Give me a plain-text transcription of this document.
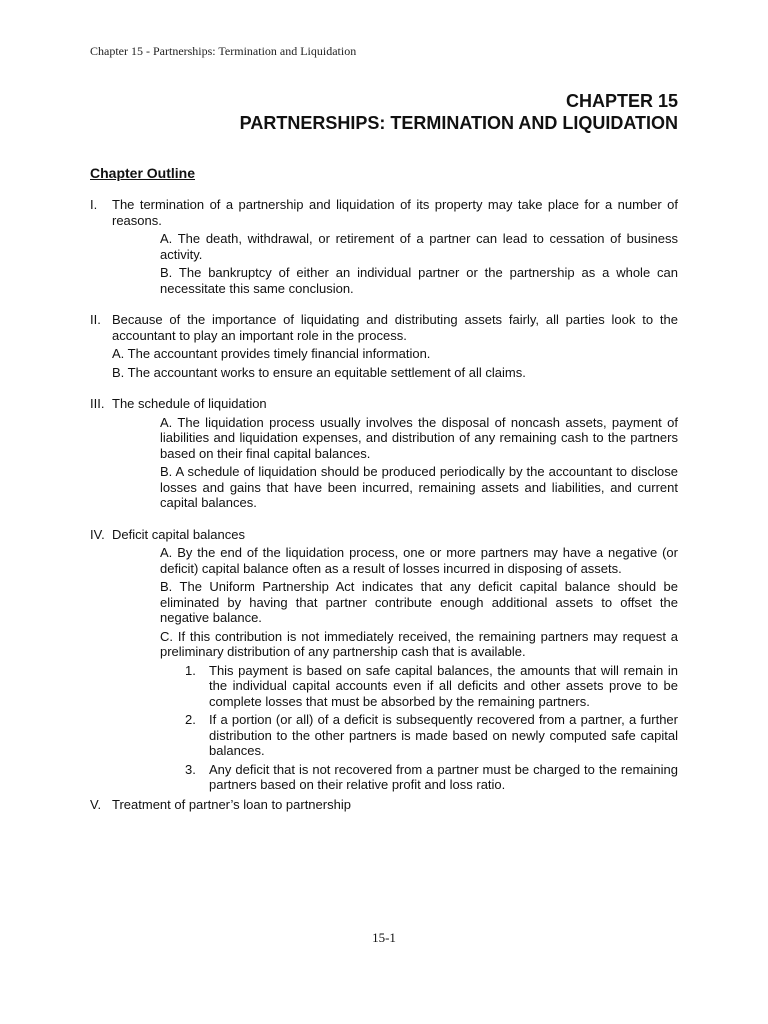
Chapter 15 - Partnerships: Termination and Liquidation
CHAPTER 15
PARTNERSHIPS: TERMINATION AND LIQUIDATION
Chapter Outline
I. The termination of a partnership and liquidation of its property may take place for a number of reasons.
A. The death, withdrawal, or retirement of a partner can lead to cessation of business activity.
B. The bankruptcy of either an individual partner or the partnership as a whole can necessitate this same conclusion.
II. Because of the importance of liquidating and distributing assets fairly, all parties look to the accountant to play an important role in the process.
A. The accountant provides timely financial information.
B. The accountant works to ensure an equitable settlement of all claims.
III. The schedule of liquidation
A. The liquidation process usually involves the disposal of noncash assets, payment of liabilities and liquidation expenses, and distribution of any remaining cash to the partners based on their final capital balances.
B. A schedule of liquidation should be produced periodically by the accountant to disclose losses and gains that have been incurred, remaining assets and liabilities, and current capital balances.
IV. Deficit capital balances
A. By the end of the liquidation process, one or more partners may have a negative (or deficit) capital balance often as a result of losses incurred in disposing of assets.
B. The Uniform Partnership Act indicates that any deficit capital balance should be eliminated by having that partner contribute enough additional assets to offset the negative balance.
C. If this contribution is not immediately received, the remaining partners may request a preliminary distribution of any partnership cash that is available.
1. This payment is based on safe capital balances, the amounts that will remain in the individual capital accounts even if all deficits and other assets prove to be complete losses that must be absorbed by the remaining partners.
2. If a portion (or all) of a deficit is subsequently recovered from a partner, a further distribution to the other partners is made based on newly computed safe capital balances.
3. Any deficit that is not recovered from a partner must be charged to the remaining partners based on their relative profit and loss ratio.
V. Treatment of partner’s loan to partnership
15-1
